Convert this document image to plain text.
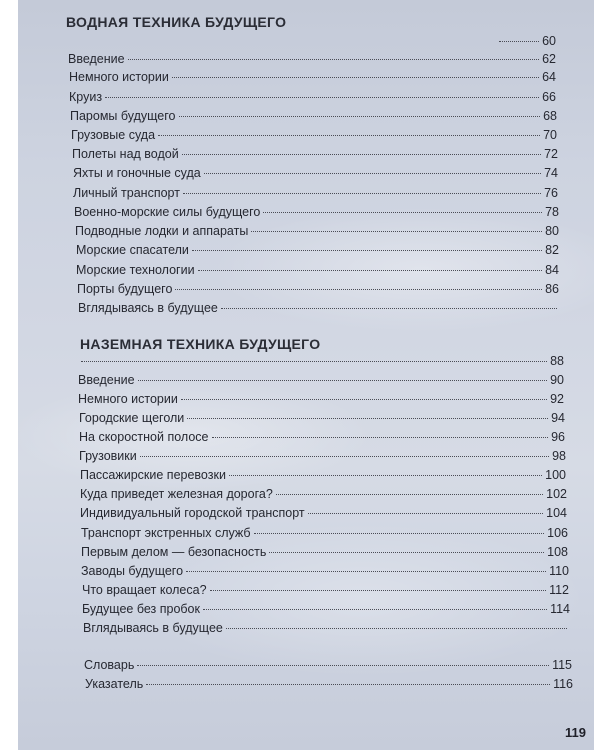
ВОДНАЯ ТЕХНИКА БУДУЩЕГО
60
Введение	62
Немного истории	64
Круиз	66
Паромы будущего	68
Грузовые суда	70
Полеты над водой	72
Яхты и гоночные суда	74
Личный транспорт	76
Военно-морские силы будущего	78
Подводные лодки и аппараты	80
Морские спасатели	82
Морские технологии	84
Порты будущего	86
Вглядываясь в будущее
НАЗЕМНАЯ ТЕХНИКА БУДУЩЕГО
88
Введение	90
Немного истории	92
Городские щеголи	94
На скоростной полосе	96
Грузовики	98
Пассажирские перевозки	100
Куда приведет железная дорога?	102
Индивидуальный городской транспорт	104
Транспорт экстренных служб	106
Первым делом — безопасность	108
Заводы будущего	110
Что вращает колеса?	112
Будущее без пробок	114
Вглядываясь в будущее
Словарь	115
Указатель	116
119
